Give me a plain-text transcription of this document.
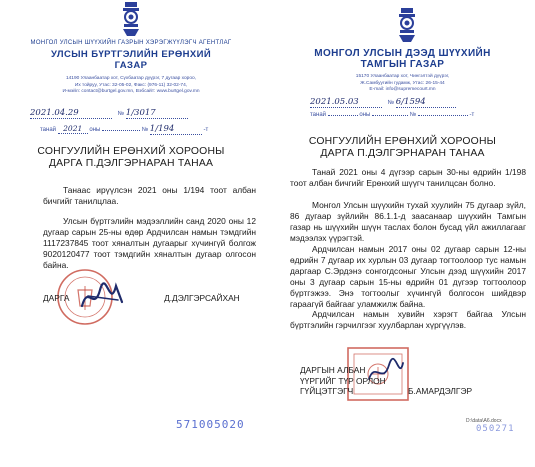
МОНГОЛ УЛСЫН ШҮҮХИЙН ГАЗРЫН ХЭРЭГЖҮҮЛЭГЧ АГЕНТЛАГ
УЛСЫН БҮРТГЭЛИЙН ЕРӨНХИЙ
ГАЗАР
14190 Улаанбаатар хот, Сүхбаатар дүүрэг, 7 дугаар хороо,
Их тойруу, Утас: 32-05-02, Факс: (976-11) 32-02-74,
И-мэйл: contact@burtgel.gov.mn, Вэбсайт: www.burtgel.gov.mn
2021.04.29	№ 1/3017
танай 2021 оны	№ 1/194	-т
СОНГУУЛИЙН ЕРӨНХИЙ ХОРООНЫ
ДАРГА П.ДЭЛГЭРНАРАН ТАНАА
Танаас ирүүлсэн 2021 оны 1/194 тоот албан бичгийг танилцлаа.
Улсын бүртгэлийн мэдээллийн санд 2020 оны 12 дугаар сарын 25-ны өдөр Ардчилсан намын тэмдгийн 1117237845 тоот хяналтын дугаарыг хүчингүй болгож 9020120477 тоот тэмдгийн хяналтын дугаар олгосон байна.
ДАРГА	Д.ДЭЛГЭРСАЙХАН
571005020
МОНГОЛ УЛСЫН ДЭЭД ШҮҮХИЙН
ТАМГЫН ГАЗАР
15170 Улаанбаатар хот, Чингэлтэй дүүрэг,
Ж.Самбуугийн гудамж, Утас: 26-15-44
E-mail: info@supremecourt.mn
2021.05.03	№ 6/1594
танай	оны	№	-т
СОНГУУЛИЙН ЕРӨНХИЙ ХОРООНЫ
ДАРГА П.ДЭЛГЭРНАРАН ТАНАА
Танай 2021 оны 4 дүгээр сарын 30-ны өдрийн 1/198 тоот албан бичгийг Ерөнхий шүүгч танилцсан болно.
Монгол Улсын шүүхийн тухай хуулийн 75 дугаар зүйл, 86 дугаар зүйлийн 86.1.1-д заасанаар шүүхийн Тамгын газар нь шүүхийн шүүн таслах болон бусад үйл ажиллагааг мэдээлэх үүрэгтэй.
Ардчилсан намын 2017 оны 02 дугаар сарын 12-ны өдрийн 7 дугаар их хурлын 03 дугаар тогтоолоор тус намын даргаар С.Эрдэнэ сонгогдсоныг Улсын дээд шүүхийн 2017 оны 3 дугаар сарын 15-ны өдрийн 01 дүгээр тогтоолоор бүртгэжээ. Энэ тогтоолыг хүчингүй болгосон шийдвэр гараагүй байгааг уламжилж байна.
Ардчилсан намын хувийн хэрэгт байгаа Улсын бүртгэлийн гэрчилгээг хуулбарлан хүргүүлэв.
ДАРГЫН АЛБАН
ҮҮРГИЙГ ТҮР ОРЛОН
ГҮЙЦЭТГЭГЧ	Б.АМАРДЭЛГЭР
D:\data\A6.docx
050271
